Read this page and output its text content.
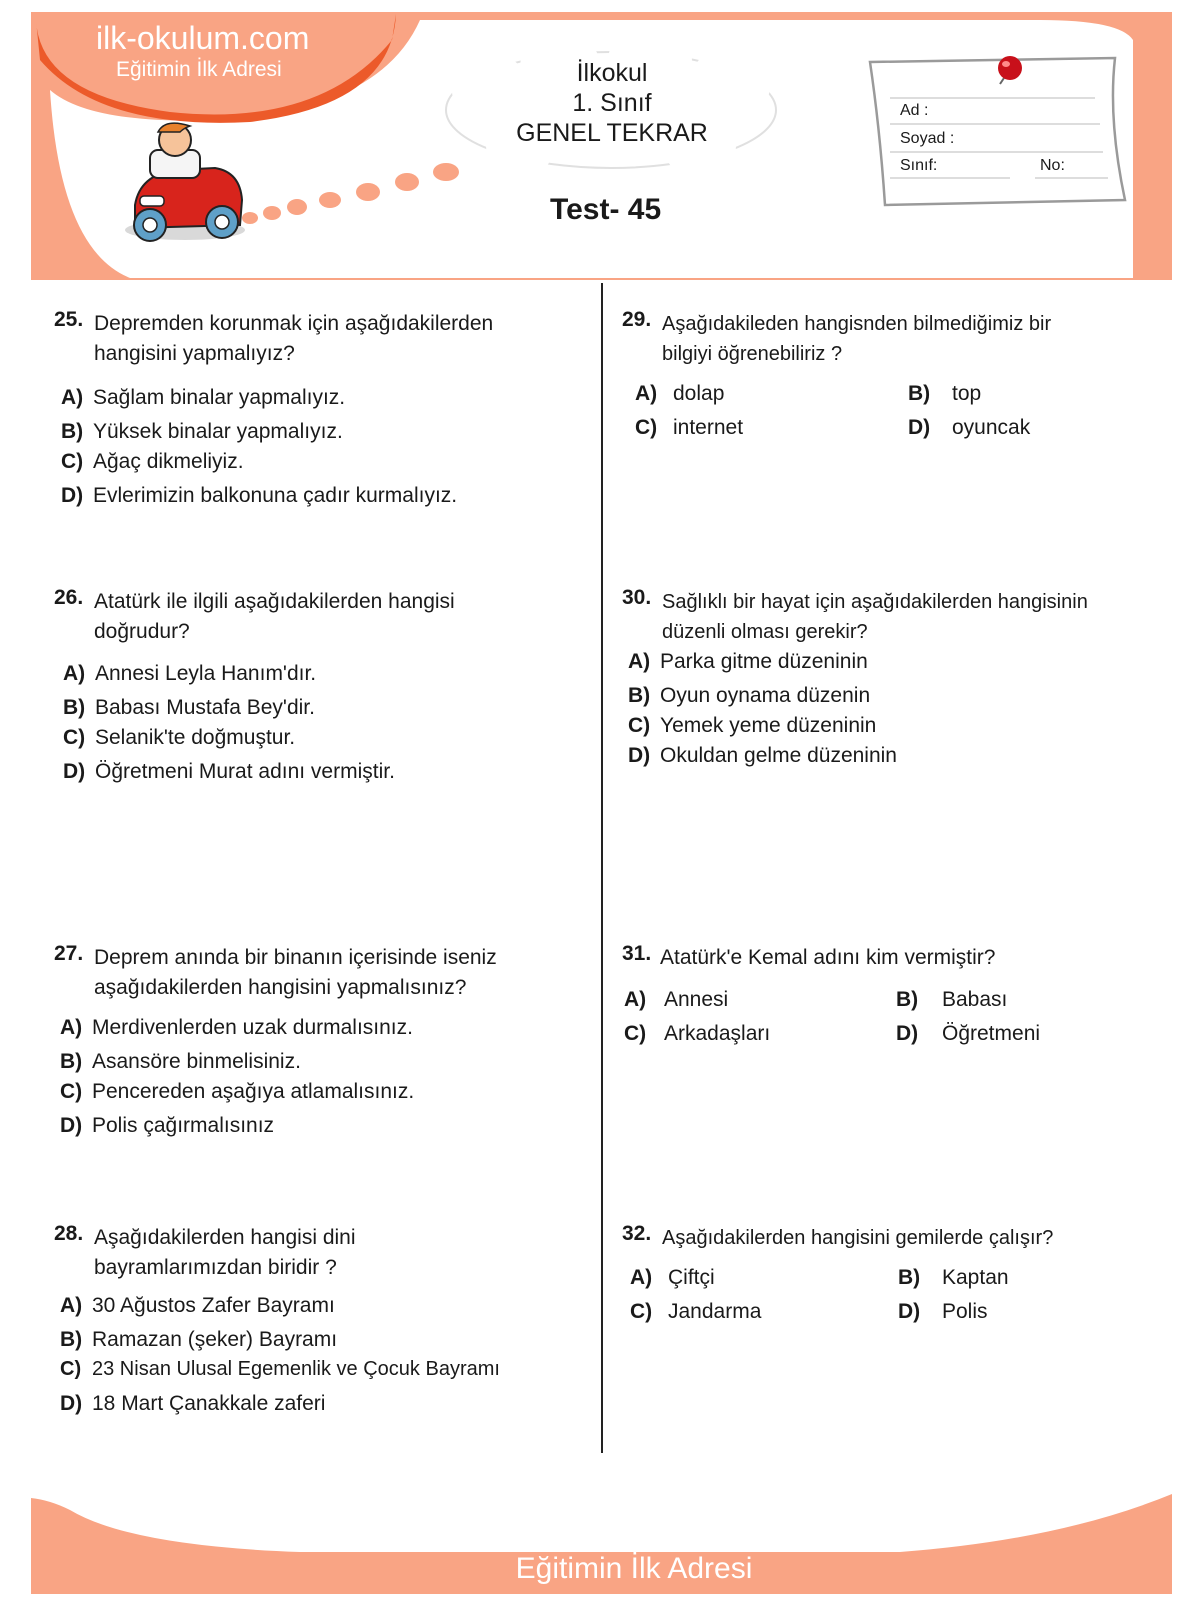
ilk-okulum.com
Eğitimin İlk Adresi	İlkokul
1. Sınıf
GENEL TEKRAR
Test- 45
Ad :
Soyad :
Sınıf:	No:
25. Depremden korunmak için aşağıdakilerden
hangisini yapmalıyız?
A) Sağlam binalar yapmalıyız.
B) Yüksek binalar yapmalıyız.
C) Ağaç dikmeliyiz.
D) Evlerimizin balkonuna çadır kurmalıyız.
26. Atatürk ile ilgili aşağıdakilerden hangisi
doğrudur?
A) Annesi Leyla Hanım'dır.
B) Babası Mustafa Bey'dir.
C) Selanik'te doğmuştur.
D) Öğretmeni Murat adını vermiştir.
27. Deprem anında bir binanın içerisinde iseniz
aşağıdakilerden hangisini yapmalısınız?
A) Merdivenlerden uzak durmalısınız.
B) Asansöre binmelisiniz.
C) Pencereden aşağıya atlamalısınız.
D) Polis çağırmalısınız
28. Aşağıdakilerden hangisi dini
bayramlarımızdan biridir ?
A) 30 Ağustos Zafer Bayramı
B) Ramazan (şeker) Bayramı
C) 23 Nisan Ulusal Egemenlik ve Çocuk Bayramı
D) 18 Mart Çanakkale zaferi
29. Aşağıdakileden hangisnden bilmediğimiz bir
bilgiyi öğrenebiliriz ?
A) dolap	B) top
C) internet	D) oyuncak
30. Sağlıklı bir hayat için aşağıdakilerden hangisinin
düzenli olması gerekir?
A) Parka gitme düzeninin
B) Oyun oynama düzenin
C) Yemek yeme düzeninin
D) Okuldan gelme düzeninin
31. Atatürk'e Kemal adını kim vermiştir?
A) Annesi	B) Babası
C) Arkadaşları	D) Öğretmeni
32. Aşağıdakilerden hangisini gemilerde çalışır?
A) Çiftçi	B) Kaptan
C) Jandarma	D) Polis
ilk-okulum.com
Eğitimin İlk Adresi
